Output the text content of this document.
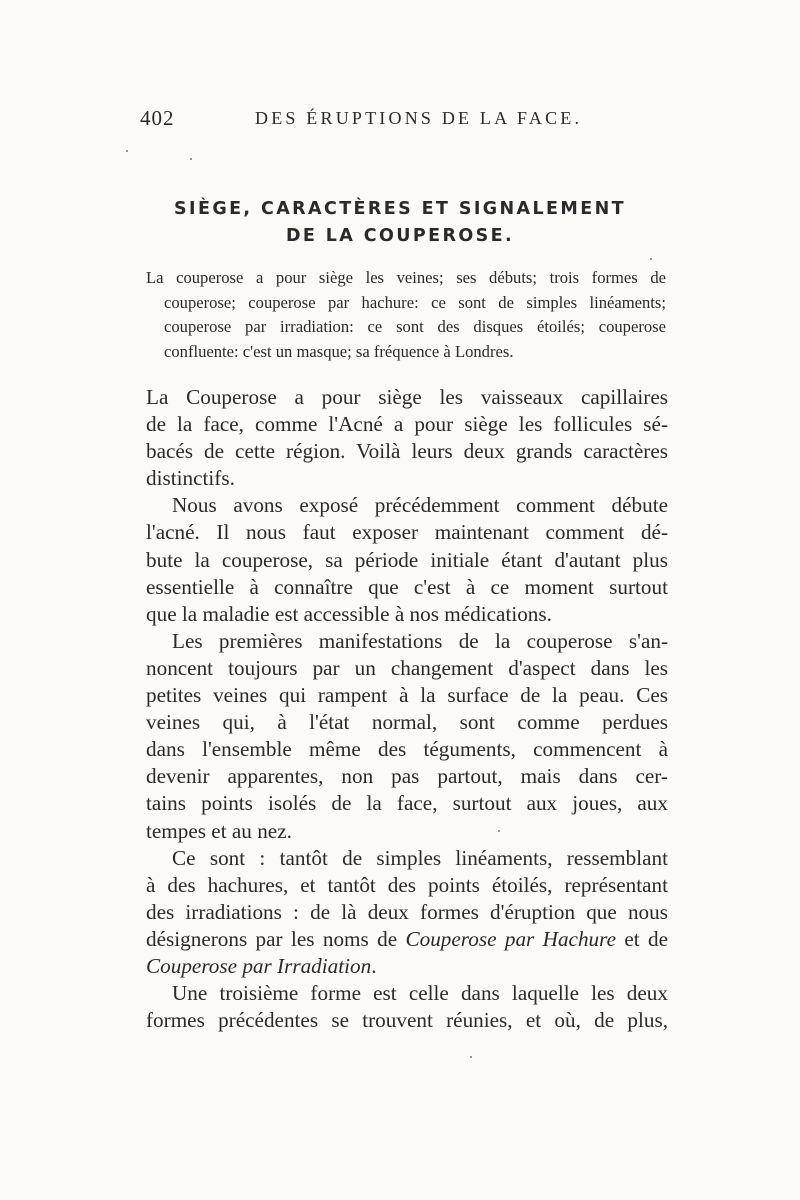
402	DES ÉRUPTIONS DE LA FACE.
SIÈGE, CARACTÈRES ET SIGNALEMENT
DE LA COUPEROSE.
La couperose a pour siège les veines; ses débuts; trois formes de
couperose; couperose par hachure: ce sont de simples linéaments;
couperose par irradiation: ce sont des disques étoilés; couperose
confluente: c'est un masque; sa fréquence à Londres.
La Couperose a pour siège les vaisseaux capillaires
de la face, comme l'Acné a pour siège les follicules sé-
bacés de cette région. Voilà leurs deux grands caractères
distinctifs.
Nous avons exposé précédemment comment débute
l'acné. Il nous faut exposer maintenant comment dé-
bute la couperose, sa période initiale étant d'autant plus
essentielle à connaître que c'est à ce moment surtout
que la maladie est accessible à nos médications.
Les premières manifestations de la couperose s'an-
noncent toujours par un changement d'aspect dans les
petites veines qui rampent à la surface de la peau. Ces
veines qui, à l'état normal, sont comme perdues
dans l'ensemble même des téguments, commencent à
devenir apparentes, non pas partout, mais dans cer-
tains points isolés de la face, surtout aux joues, aux
tempes et au nez.
Ce sont : tantôt de simples linéaments, ressemblant
à des hachures, et tantôt des points étoilés, représentant
des irradiations : de là deux formes d'éruption que nous
désignerons par les noms de Couperose par Hachure et de
Couperose par Irradiation.
Une troisième forme est celle dans laquelle les deux
formes précédentes se trouvent réunies, et où, de plus,
